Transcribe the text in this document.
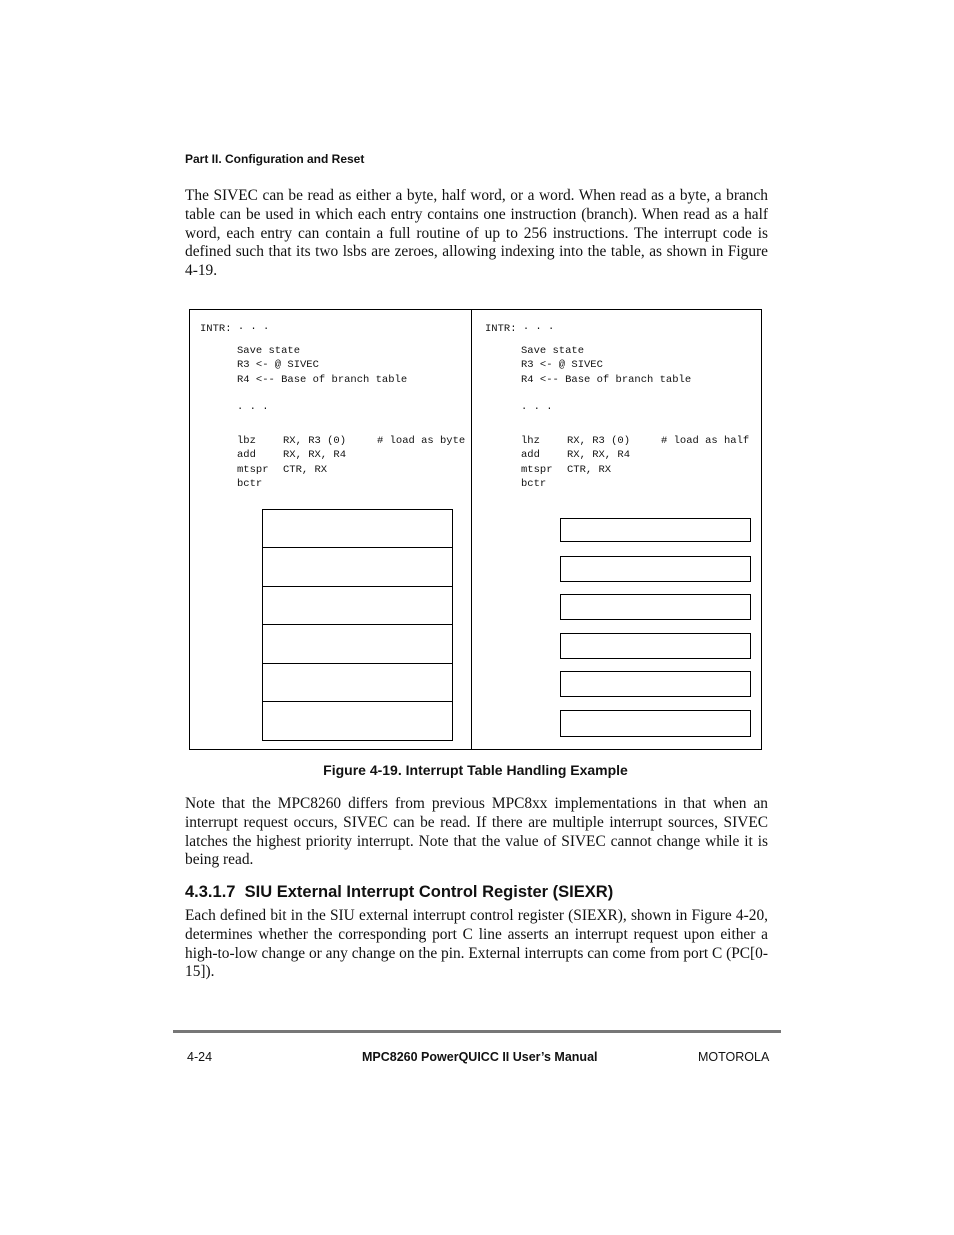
Part II. Configuration and Reset

The SIVEC can be read as either a byte, half word, or a word. When read as a byte, a branch table can be used in which each entry contains one instruction (branch). When read as a half word, each entry can contain a full routine of up to 256 instructions. The interrupt code is defined such that its two lsbs are zeroes, allowing indexing into the table, as shown in Figure 4-19.

INTR: · · ·
Save state
R3 <- @ SIVEC
R4 <-- Base of branch table
. . .
lbz	RX, R3 (0)	# load as byte
add	RX, RX, R4
mtspr CTR, RX
bctr
INTR: · · ·
Save state
R3 <- @ SIVEC
R4 <-- Base of branch table
. . .
lhz	RX, R3 (0)	# load as half
add	RX, RX, R4
mtspr CTR, RX
bctr
Figure 4-19. Interrupt Table Handling Example

Note that the MPC8260 differs from previous MPC8xx implementations in that when an interrupt request occurs, SIVEC can be read. If there are multiple interrupt sources, SIVEC latches the highest priority interrupt. Note that the value of SIVEC cannot change while it is being read.

4.3.1.7 SIU External Interrupt Control Register (SIEXR)

Each defined bit in the SIU external interrupt control register (SIEXR), shown in Figure 4-20, determines whether the corresponding port C line asserts an interrupt request upon either a high-to-low change or any change on the pin. External interrupts can come from port C (PC[0-15]).

4-24	MPC8260 PowerQUICC II User’s Manual	MOTOROLA
